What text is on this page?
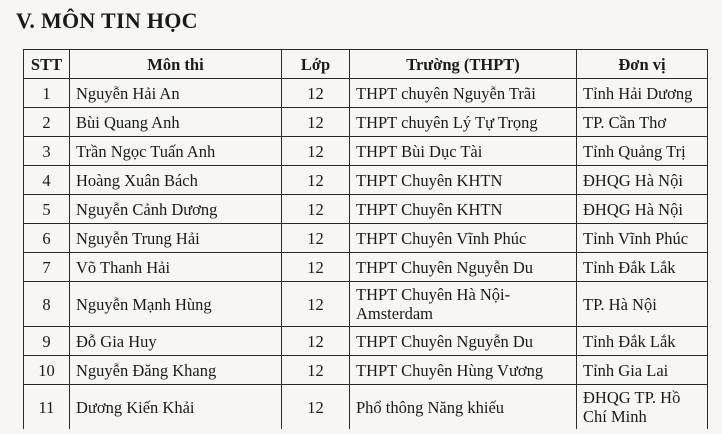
V. MÔN TIN HỌC
STT	Môn thi	Lớp	Trường (THPT)	Đơn vị
1	Nguyễn Hải An	12	THPT chuyên Nguyễn Trãi	Tỉnh Hải Dương
2	Bùi Quang Anh	12	THPT chuyên Lý Tự Trọng	TP. Cần Thơ
3	Trần Ngọc Tuấn Anh	12	THPT Bùi Dục Tài	Tỉnh Quảng Trị
4	Hoàng Xuân Bách	12	THPT Chuyên KHTN	ĐHQG Hà Nội
5	Nguyễn Cảnh Dương	12	THPT Chuyên KHTN	ĐHQG Hà Nội
6	Nguyễn Trung Hải	12	THPT Chuyên Vĩnh Phúc	Tỉnh Vĩnh Phúc
7	Võ Thanh Hải	12	THPT Chuyên Nguyễn Du	Tỉnh Đắk Lắk
8	Nguyễn Mạnh Hùng	12	THPT Chuyên Hà Nội-Amsterdam	TP. Hà Nội
9	Đỗ Gia Huy	12	THPT Chuyên Nguyễn Du	Tỉnh Đắk Lắk
10	Nguyễn Đăng Khang	12	THPT Chuyên Hùng Vương	Tỉnh Gia Lai
11	Dương Kiến Khải	12	Phổ thông Năng khiếu	ĐHQG TP. Hồ Chí Minh
